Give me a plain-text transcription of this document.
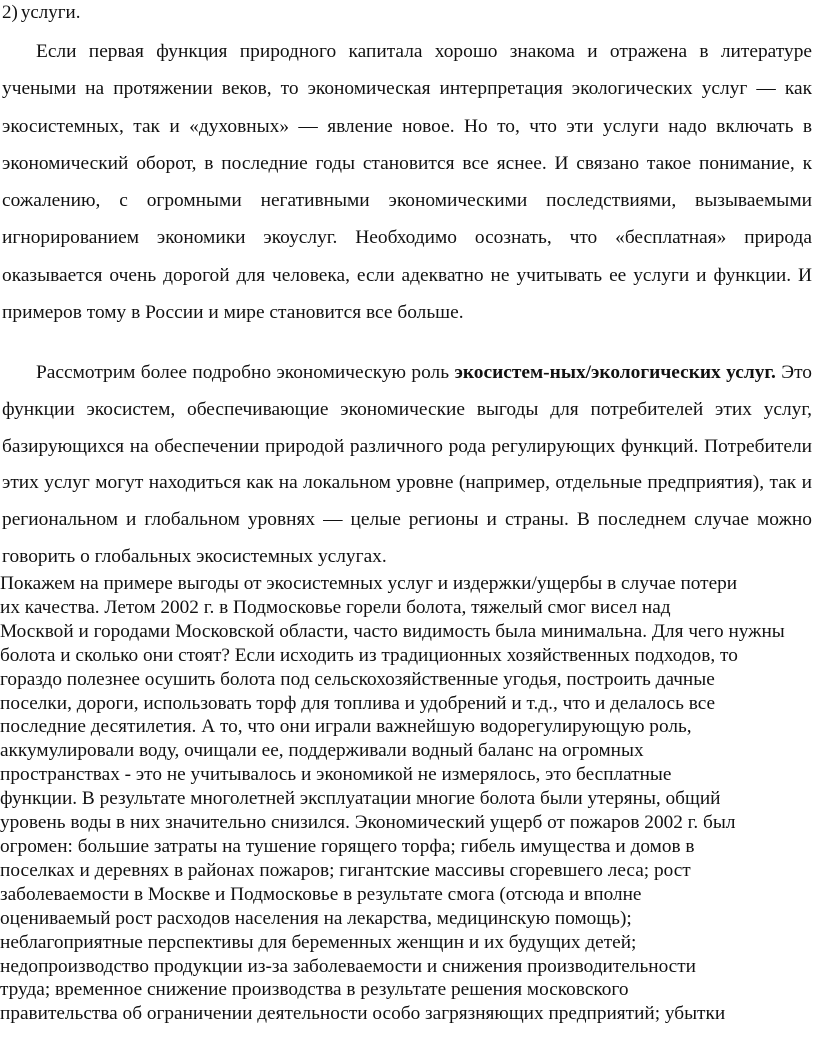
2) услуги.

Если первая функция природного капитала хорошо знакома и отражена в литературе учеными на протяжении веков, то экономическая интерпретация экологических услуг — как экосистемных, так и «духовных» — явление новое. Но то, что эти услуги надо включать в экономический оборот, в последние годы становится все яснее. И связано такое понимание, к сожалению, с огромными негативными экономическими последствиями, вызываемыми игнорированием экономики экоуслуг. Необходимо осознать, что «бесплатная» природа оказывается очень дорогой для человека, если адекватно не учитывать ее услуги и функции. И примеров тому в России и мире становится все больше.

Рассмотрим более подробно экономическую роль экосистем-ных/экологических услуг. Это функции экосистем, обеспечивающие экономические выгоды для потребителей этих услуг, базирующихся на обеспечении природой различного рода регулирующих функций. Потребители этих услуг могут находиться как на локальном уровне (например, отдельные предприятия), так и региональном и глобальном уровнях — целые регионы и страны. В последнем случае можно говорить о глобальных экосистемных услугах.

Покажем на примере выгоды от экосистемных услуг и издержки/ущербы в случае потери
их качества. Летом 2002 г. в Подмосковье горели болота, тяжелый смог висел над
Москвой и городами Московской области, часто видимость была минимальна. Для чего нужны
болота и сколько они стоят? Если исходить из традиционных хозяйственных подходов, то
гораздо полезнее осушить болота под сельскохозяйственные угодья, построить дачные
поселки, дороги, использовать торф для топлива и удобрений и т.д., что и делалось все
последние десятилетия. А то, что они играли важнейшую водорегулирующую роль,
аккумулировали воду, очищали ее, поддерживали водный баланс на огромных
пространствах - это не учитывалось и экономикой не измерялось, это бесплатные
функции. В результате многолетней эксплуатации многие болота были утеряны, общий
уровень воды в них значительно снизился. Экономический ущерб от пожаров 2002 г. был
огромен: большие затраты на тушение горящего торфа; гибель имущества и домов в
поселках и деревнях в районах пожаров; гигантские массивы сгоревшего леса; рост
заболеваемости в Москве и Подмосковье в результате смога (отсюда и вполне
оцениваемый рост расходов населения на лекарства, медицинскую помощь);
неблагоприятные перспективы для беременных женщин и их будущих детей;
недопроизводство продукции из-за заболеваемости и снижения производительности
труда; временное снижение производства в результате решения московского
правительства об ограничении деятельности особо загрязняющих предприятий; убытки
